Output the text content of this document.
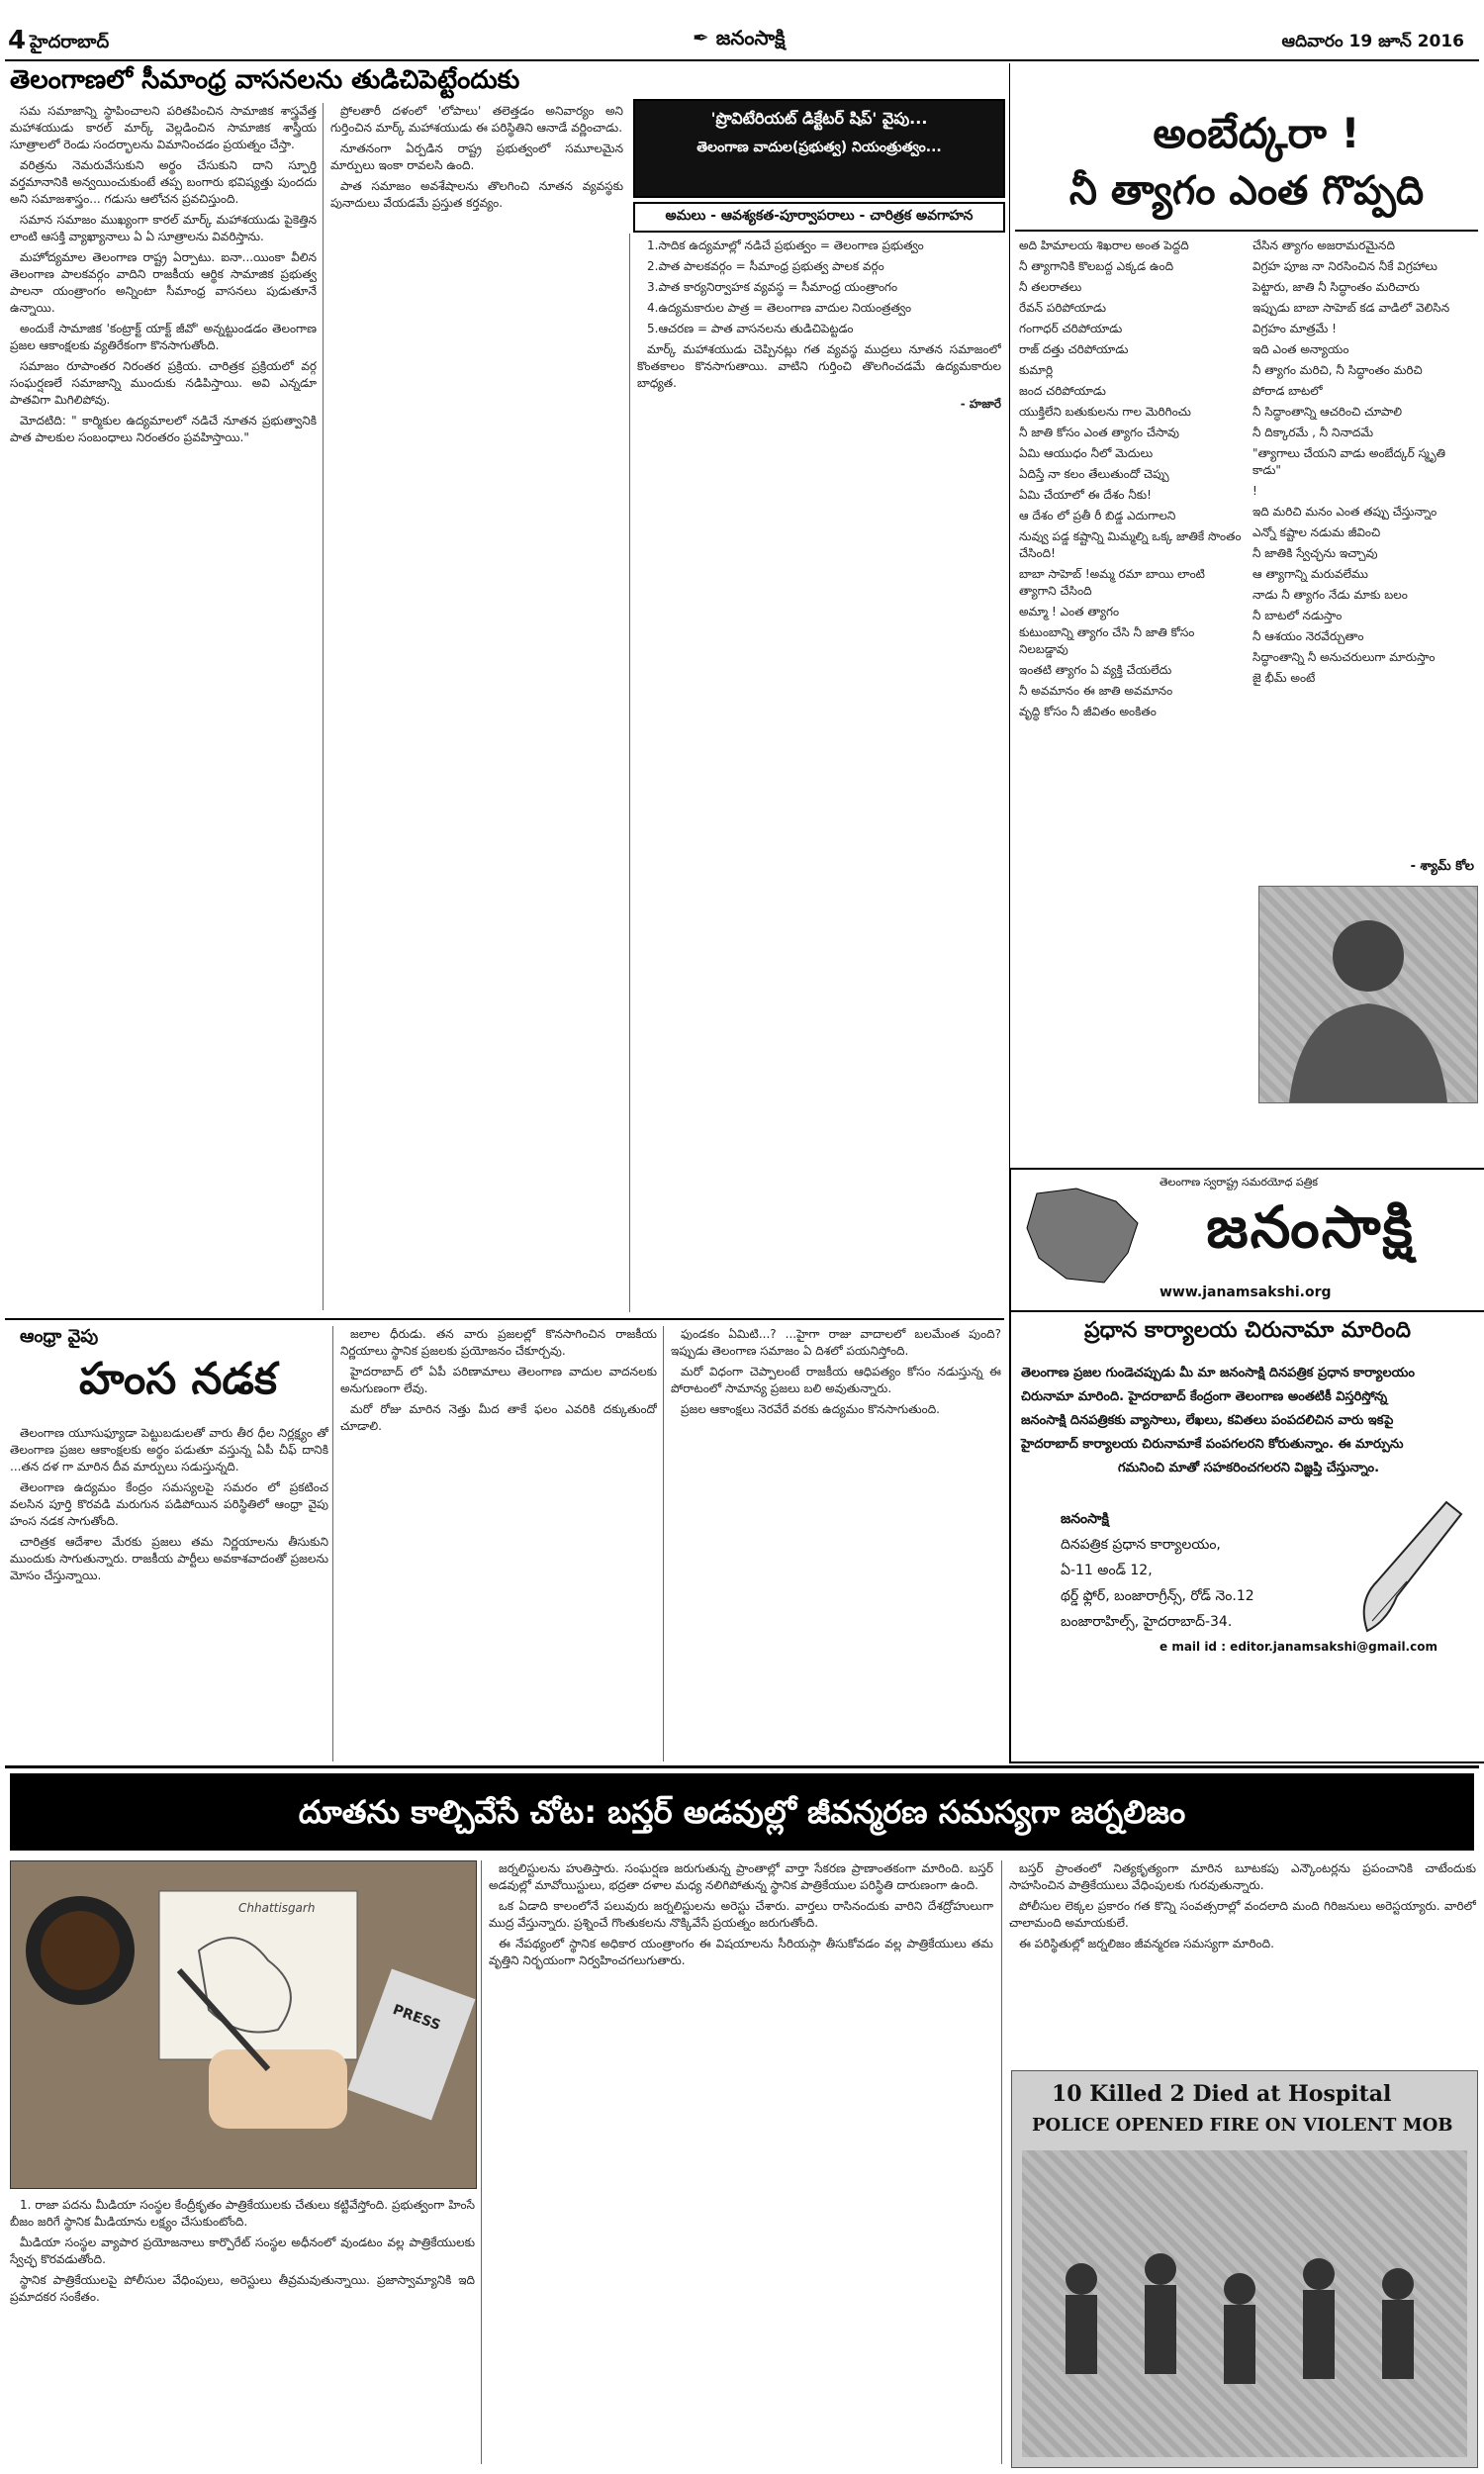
4 హైదరాబాద్	✒ జనంసాక్షి	ఆదివారం 19 జూన్ 2016
తెలంగాణలో సీమాంధ్ర వాసనలను తుడిచిపెట్టేందుకు

సమ సమాజాన్ని స్థాపించాలని పరితపించిన సామాజిక శాస్త్రవేత్త మహాశయుడు కారల్ మార్క్ వెల్లడించిన సామాజిక శాస్త్రీయ సూత్రాలలో రెండు సందర్భాలను విమానించడం ప్రయత్నం చేస్తా.

వరిత్రను నెమరువేసుకుని అర్థం చేసుకుని దాని స్ఫూర్తి వర్తమానానికి అన్వయించుకుంటే తప్ప బంగారు భవిష్యత్తు పుందదు అని సమాజశాస్త్రం... గడుసు ఆలోచన ప్రవచిస్తుంది.

సమాన సమాజం ముఖ్యంగా కారల్ మార్క్ మహాశయుడు పైకెత్తిన లాంటి ఆసక్తి వ్యాఖ్యానాలు ఏ ఏ సూత్రాలను వివరిస్తాను.

మహోద్యమాల తెలంగాణ రాష్ట్ర ఏర్పాటు. ఐనా...యింకా వీలిన తెలంగాణ పాలకవర్గం వాదిని రాజకీయ ఆర్థిక సామాజిక ప్రభుత్వ పాలనా యంత్రాంగం అన్నింటా సీమాంధ్ర వాసనలు పుడుతూనే ఉన్నాయి.

అందుకే సామాజిక 'కంట్రాక్ట్ యాక్ట్ జీవో' అన్నట్టుండడం తెలంగాణ ప్రజల ఆకాంక్షలకు వ్యతిరేకంగా కొనసాగుతోంది.

సమాజం రూపాంతర నిరంతర ప్రక్రియ. చారిత్రక ప్రక్రియలో వర్గ సంఘర్షణలే సమాజాన్ని ముందుకు నడిపిస్తాయి. అవి ఎన్నడూ పాతవిగా మిగిలిపోవు.

మోదటిది: " కార్మికుల ఉద్యమాలలో నడిచే నూతన ప్రభుత్వానికి పాత పాలకుల సంబంధాలు నిరంతరం ప్రవహిస్తాయి."

'ప్రొవిటేరియట్ డిక్టేటర్ షిప్' వైపు...
తెలంగాణ వాదుల(ప్రభుత్వ) నియంత్రుత్వం...
అమలు - ఆవశ్యకత-పూర్వాపరాలు - చారిత్రక అవగాహన

ప్రోలతారీ దళంలో 'లోపాలు' తలెత్తడం అనివార్యం అని గుర్తించిన మార్క్ మహాశయుడు ఈ పరిస్థితిని ఆనాడే వర్ణించాడు.

నూతనంగా ఏర్పడిన రాష్ట్ర ప్రభుత్వంలో సమూలమైన మార్పులు ఇంకా రావలసి ఉంది.

పాత సమాజం అవశేషాలను తొలగించి నూతన వ్యవస్థకు పునాదులు వేయడమే ప్రస్తుత కర్తవ్యం.

1.సాదిక ఉద్యమాల్లో నడిచే ప్రభుత్వం = తెలంగాణ ప్రభుత్వం

2.పాత పాలకవర్గం = సీమాంధ్ర ప్రభుత్వ పాలక వర్గం

3.పాత కార్యనిర్వాహక వ్యవస్థ = సీమాంధ్ర యంత్రాంగం

4.ఉద్యమకారుల పాత్ర = తెలంగాణ వాదుల నియంత్రత్వం

5.ఆచరణ = పాత వాసనలను తుడిచిపెట్టడం

మార్క్ మహాశయుడు చెప్పినట్లు గత వ్యవస్థ ముద్రలు నూతన సమాజంలో కొంతకాలం కొనసాగుతాయి. వాటిని గుర్తించి తొలగించడమే ఉద్యమకారుల బాధ్యత.

- హజారే

అంబేద్కరా !
నీ త్యాగం ఎంత గొప్పది

అది హిమాలయ శిఖరాల అంత పెద్దది

నీ త్యాగానికి కొలబద్ద ఎక్కడ ఉంది

నీ తలరాతలు

రేవన్ పరిపోయాడు

గంగాధర్ చరిపోయాడు

రాజ్ దత్తు చరిపోయాడు

కుమార్లి

జంద చరిపోయాడు

యుక్తిలేని బతుకులను గాల మెరిగించు

నీ జాతి కోసం ఎంత త్యాగం చేసావు

ఏమి ఆయుధం నీలో మెదులు

ఏదిస్తే నా కలం తేలుతుందో చెప్పు

ఏమి చేయాలో ఈ దేశం నీకు!

ఆ దేశం లో ప్రతీ రీ బిడ్డ ఎదుగాలని

నువ్వు పడ్డ కష్టాన్ని మిమ్మల్ని ఒక్క జాతికే సొంతం చేసింది!

బాబా సాహెబ్ !అమ్మ రమా బాయి లాంటి త్యాగాని చేసింది

అమ్మా ! ఎంత త్యాగం

కుటుంబాన్ని త్యాగం చేసి నీ జాతి కోసం నిలబడ్డావు

ఇంతటి త్యాగం ఏ వ్యక్తి చేయలేదు

నీ అవమానం ఈ జాతి అవమానం

వృద్ధి కోసం నీ జీవితం అంకితం

చేసిన త్యాగం అజరామరమైనది

విగ్రహ పూజ నా నిరసించిన నీకే విగ్రహాలు

పెట్టారు, జాతి నీ సిద్ధాంతం మరిచారు

ఇప్పుడు బాబా సాహెబ్ కడ వాడిలో వెలిసిన

విగ్రహం మాత్రమే !

ఇది ఎంత అన్యాయం

నీ త్యాగం మరిచి, నీ సిద్ధాంతం మరిచి

పోరాడ బాటలో

నీ సిద్ధాంతాన్ని ఆచరించి చూపాలి

నీ దిక్కారమే , నీ నినాదమే

"త్యాగాలు చేయని వాడు అంబేద్కర్ స్మృతి కాడు"

!

ఇది మరిచి మనం ఎంత తప్పు చేస్తున్నాం

ఎన్నో కష్టాల నడుమ జీవించి

నీ జాతికి స్వేచ్ఛను ఇచ్చావు

ఆ త్యాగాన్ని మరువలేము

నాడు నీ త్యాగం నేడు మాకు బలం

నీ బాటలో నడుస్తాం

నీ ఆశయం నెరవేర్చుతాం

సిద్ధాంతాన్ని నీ అనుచరులుగా మారుస్తాం

జై భీమ్ అంటే

- శ్యామ్ కోల
తెలంగాణ స్వరాష్ట్ర సమరయోధ పత్రిక
జనంసాక్షి
www.janamsakshi.org
ప్రధాన కార్యాలయ చిరునామా మారింది
తెలంగాణ ప్రజల గుండెచప్పుడు మీ మా జనంసాక్షి దినపత్రిక ప్రధాన కార్యాలయం
చిరునామా మారింది. హైదరాబాద్ కేంద్రంగా తెలంగాణ అంతటికీ విస్తరిస్తోన్న
జనంసాక్షి దినపత్రికకు వ్యాసాలు, లేఖలు, కవితలు పంపదలిచిన వారు ఇకపై
హైదరాబాద్ కార్యాలయ చిరునామాకే పంపగలరని కోరుతున్నాం. ఈ మార్పును
గమనించి మాతో సహకరించగలరని విజ్ఞప్తి చేస్తున్నాం.
జనంసాక్షి
దినపత్రిక ప్రధాన కార్యాలయం,
ఏ-11 అండ్ 12,
థర్డ్ ఫ్లోర్, బంజారాగ్రీన్స్, రోడ్ నెం.12
బంజారాహిల్స్, హైదరాబాద్-34.
e mail id : editor.janamsakshi@gmail.com
ఆంధ్రా వైపు
హంస నడక

తెలంగాణ యూసుఫ్యూడా పెట్టుబడులతో వారు తీర ధీల నిర్లక్ష్యం తో తెలంగాణ ప్రజల ఆకాంక్షలకు అర్థం పడుతూ వస్తున్న ఏపీ చీఫ్ దానికి ...తన దళ గా మారిన దీవ మార్పులు సడుస్తున్నది.

తెలంగాణ ఉద్యమం కేంద్రం సమస్యలపై సమరం లో ప్రకటించ వలసిన పూర్తి కొరవడి మరుగున పడిపోయిన పరిస్థితిలో ఆంధ్రా వైపు హంస నడక సాగుతోంది.

చారిత్రక ఆదేశాల మేరకు ప్రజలు తమ నిర్ణయాలను తీసుకుని ముందుకు సాగుతున్నారు. రాజకీయ పార్టీలు అవకాశవాదంతో ప్రజలను మోసం చేస్తున్నాయి.

జలాల ధీరుడు. తన వారు ప్రజలల్లో కొనసాగించిన రాజకీయ నిర్ణయాలు స్థానిక ప్రజలకు ప్రయోజనం చేకూర్చవు.

హైదరాబాద్ లో ఏపీ పరిణామాలు తెలంగాణ వాదుల వాదనలకు అనుగుణంగా లేవు.

మరో రోజు మారిన నెత్తు మీద తాకే ఫలం ఎవరికి దక్కుతుందో చూడాలి.

ఫుండకం ఏమిటి...? ...హైగా రాజు వాదాలలో బలమేంత పుంది? ఇప్పుడు తెలంగాణ సమాజం ఏ దిశలో పయనిస్తోంది.

మరో విధంగా చెప్పాలంటే రాజకీయ ఆధిపత్యం కోసం నడుస్తున్న ఈ పోరాటంలో సామాన్య ప్రజలు బలి అవుతున్నారు.

ప్రజల ఆకాంక్షలు నెరవేరే వరకు ఉద్యమం కొనసాగుతుంది.

దూతను కాల్చివేసే చోట: బస్తర్ అడవుల్లో జీవన్మరణ సమస్యగా జర్నలిజం
Chhattisgarh
PRESS

1. రాజా పదను మీడియా సంస్థల కేంద్రీకృతం పాత్రికేయులకు చేతులు కట్టివేస్తోంది. ప్రభుత్వంగా హింసే బీజం జరిగే స్థానిక మీడియాను లక్ష్యం చేసుకుంటోంది.

మీడియా సంస్థల వ్యాపార ప్రయోజనాలు కార్పొరేట్ సంస్థల అధీనంలో వుండటం వల్ల పాత్రికేయులకు స్వేచ్ఛ కొరవడుతోంది.

స్థానిక పాత్రికేయులపై పోలీసుల వేధింపులు, అరెస్టులు తీవ్రమవుతున్నాయి. ప్రజాస్వామ్యానికి ఇది ప్రమాదకర సంకేతం.

జర్నలిస్టులను హుతిస్తారు. సంఘర్షణ జరుగుతున్న ప్రాంతాల్లో వార్తా సేకరణ ప్రాణాంతకంగా మారింది. బస్తర్ అడవుల్లో మావోయిస్టులు, భద్రతా దళాల మధ్య నలిగిపోతున్న స్థానిక పాత్రికేయుల పరిస్థితి దారుణంగా ఉంది.

ఒక ఏడాది కాలంలోనే పలువురు జర్నలిస్టులను అరెస్టు చేశారు. వార్తలు రాసినందుకు వారిని దేశద్రోహులుగా ముద్ర వేస్తున్నారు. ప్రశ్నించే గొంతుకలను నొక్కివేసే ప్రయత్నం జరుగుతోంది.

ఈ నేపథ్యంలో స్థానిక అధికార యంత్రాంగం ఈ విషయాలను సీరియస్గా తీసుకోవడం వల్ల పాత్రికేయులు తమ వృత్తిని నిర్భయంగా నిర్వహించగలుగుతారు.

బస్తర్ ప్రాంతంలో నిత్యకృత్యంగా మారిన బూటకపు ఎన్కౌంటర్లను ప్రపంచానికి చాటేందుకు సాహసించిన పాత్రికేయులు వేధింపులకు గురవుతున్నారు.

పోలీసుల లెక్కల ప్రకారం గత కొన్ని సంవత్సరాల్లో వందలాది మంది గిరిజనులు అరెస్టయ్యారు. వారిలో చాలామంది అమాయకులే.

ఈ పరిస్థితుల్లో జర్నలిజం జీవన్మరణ సమస్యగా మారింది.

10 Killed 2 Died at Hospital
POLICE OPENED FIRE ON VIOLENT MOB
